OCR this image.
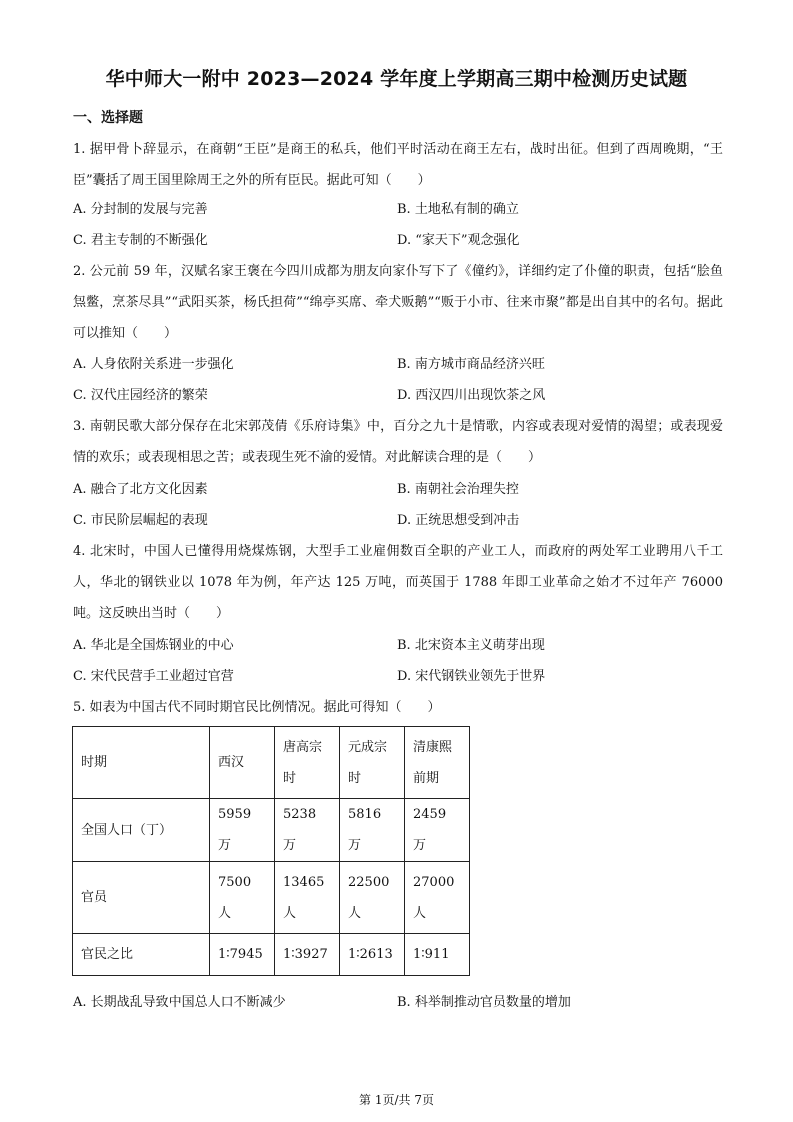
华中师大一附中 2023—2024 学年度上学期高三期中检测历史试题
一、选择题
1. 据甲骨卜辞显示，在商朝“王臣”是商王的私兵，他们平时活动在商王左右，战时出征。但到了西周晚期，“王臣”囊括了周王国里除周王之外的所有臣民。据此可知（　　）
A. 分封制的发展与完善	B. 土地私有制的确立
C. 君主专制的不断强化	D. “家天下”观念强化
2. 公元前 59 年，汉赋名家王褒在今四川成都为朋友向家仆写下了《僮约》，详细约定了仆僮的职责，包括“脍鱼炰鳖，烹茶尽具”“武阳买茶，杨氏担荷”“绵亭买席、牵犬贩鹅”“贩于小市、往来市聚”都是出自其中的名句。据此可以推知（　　）
A. 人身依附关系进一步强化	B. 南方城市商品经济兴旺
C. 汉代庄园经济的繁荣	D. 西汉四川出现饮茶之风
3. 南朝民歌大部分保存在北宋郭茂倩《乐府诗集》中，百分之九十是情歌，内容或表现对爱情的渴望；或表现爱情的欢乐；或表现相思之苦；或表现生死不渝的爱情。对此解读合理的是（　　）
A. 融合了北方文化因素	B. 南朝社会治理失控
C. 市民阶层崛起的表现	D. 正统思想受到冲击
4. 北宋时，中国人已懂得用烧煤炼钢，大型手工业雇佣数百全职的产业工人，而政府的两处军工业聘用八千工人，华北的钢铁业以 1078 年为例，年产达 125 万吨，而英国于 1788 年即工业革命之始才不过年产 76000 吨。这反映出当时（　　）
A. 华北是全国炼钢业的中心	B. 北宋资本主义萌芽出现
C. 宋代民营手工业超过官营	D. 宋代钢铁业领先于世界
5. 如表为中国古代不同时期官民比例情况。据此可得知（　　）
时期	西汉	唐高宗时	元成宗时	清康熙前期
全国人口（丁）	5959 万	5238 万	5816 万	2459 万
官员	7500 人	13465 人	22500 人	27000 人
官民之比	1∶7945	1∶3927	1∶2613	1∶911
A. 长期战乱导致中国总人口不断减少	B. 科举制推动官员数量的增加
第 1页/共 7页
